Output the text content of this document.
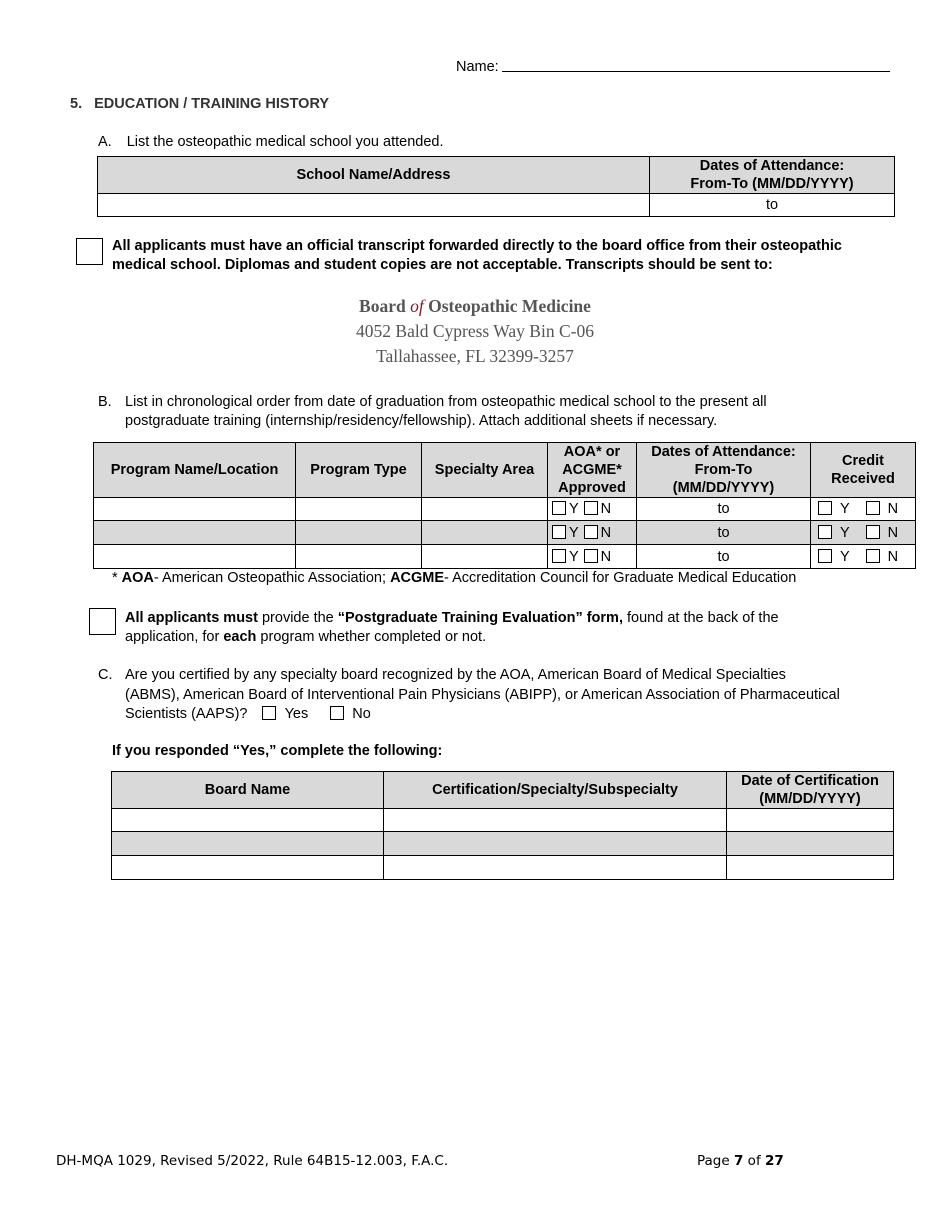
Name:
5. EDUCATION / TRAINING HISTORY
A. List the osteopathic medical school you attended.
School Name/Address	Dates of Attendance:
From-To (MM/DD/YYYY)
	to
All applicants must have an official transcript forwarded directly to the board office from their osteopathic
medical school. Diplomas and student copies are not acceptable. Transcripts should be sent to:
Board of Osteopathic Medicine
4052 Bald Cypress Way Bin C-06
Tallahassee, FL 32399-3257
B. List in chronological order from date of graduation from osteopathic medical school to the present all
postgraduate training (internship/residency/fellowship). Attach additional sheets if necessary.
Program Name/Location	Program Type	Specialty Area	AOA* or
ACGME*
Approved	Dates of Attendance:
From-To
(MM/DD/YYYY)	Credit
Received
			Y N	to	Y N
			Y N	to	Y N
			Y N	to	Y N
* AOA- American Osteopathic Association; ACGME- Accreditation Council for Graduate Medical Education
All applicants must provide the “Postgraduate Training Evaluation” form, found at the back of the
application, for each program whether completed or not.
C. Are you certified by any specialty board recognized by the AOA, American Board of Medical Specialties
(ABMS), American Board of Interventional Pain Physicians (ABIPP), or American Association of Pharmaceutical
Scientists (AAPS)?	Yes	No
If you responded “Yes,” complete the following:
Board Name	Certification/Specialty/Subspecialty	Date of Certification
(MM/DD/YYYY)

DH-MQA 1029, Revised 5/2022, Rule 64B15-12.003, F.A.C.	Page 7 of 27
